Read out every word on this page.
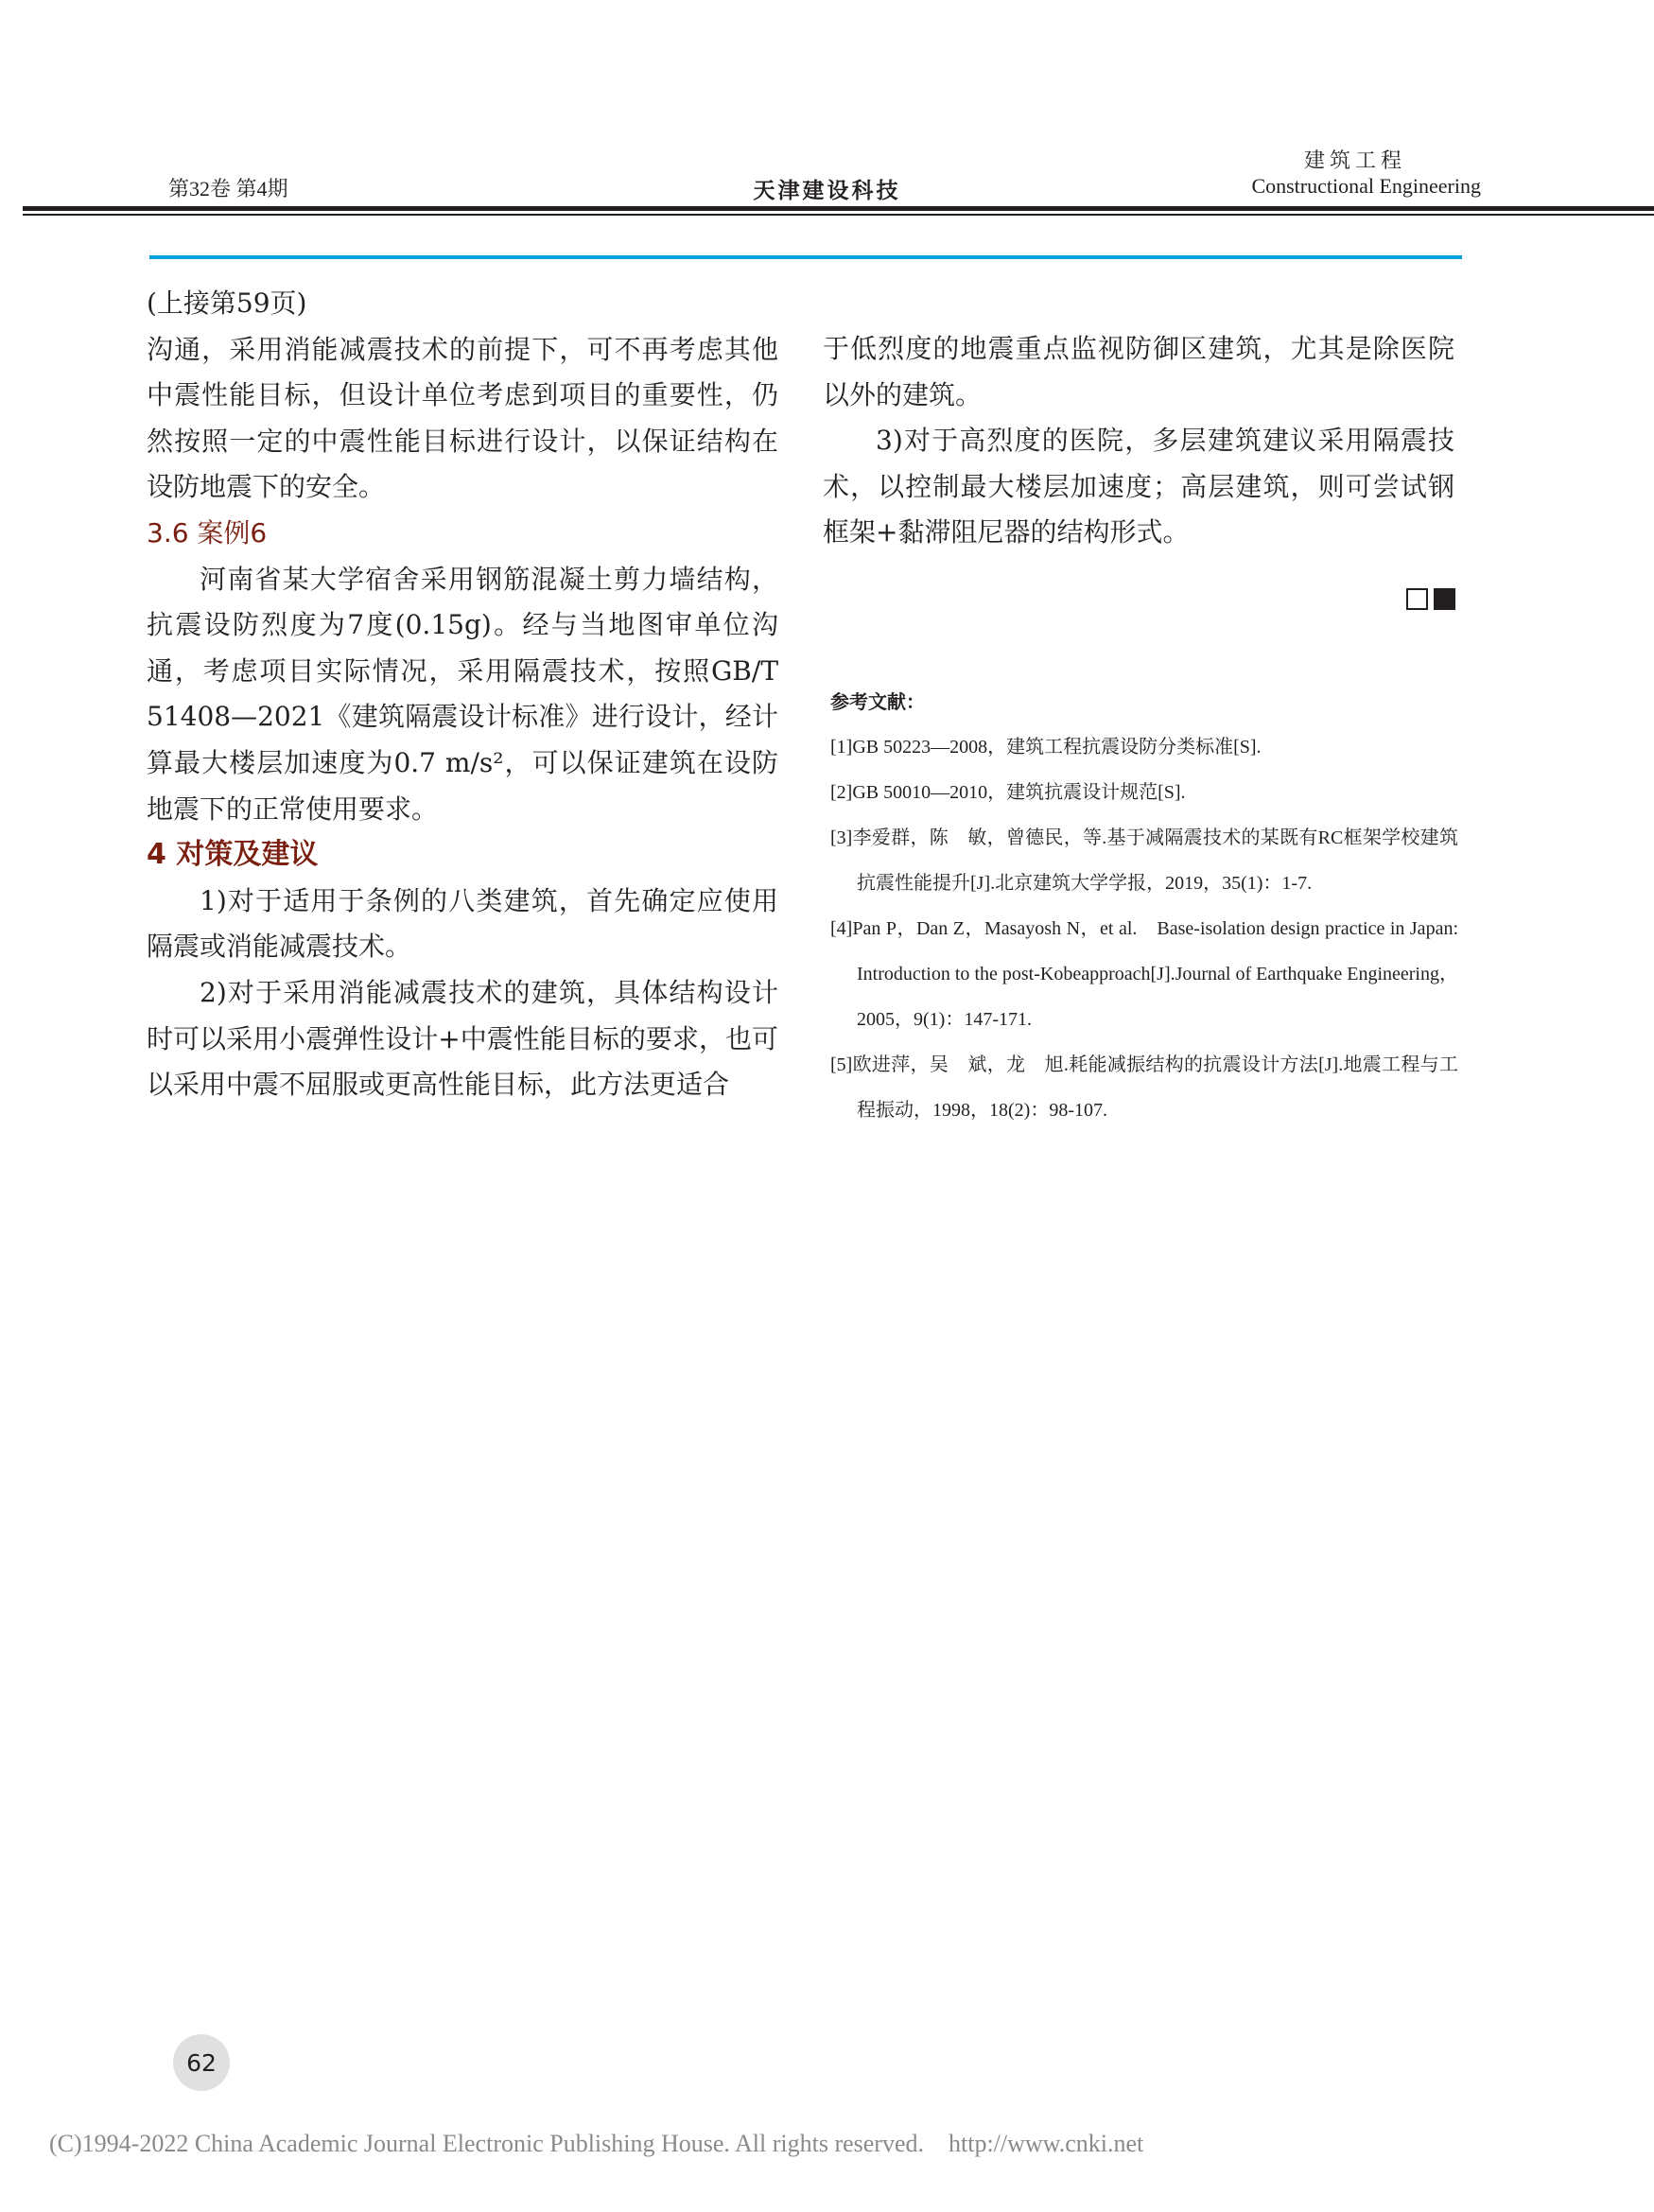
第32卷 第4期	天津建设科技
建筑工程
Constructional Engineering

(上接第59页)

沟通，采用消能减震技术的前提下，可不再考虑其他中震性能目标，但设计单位考虑到项目的重要性，仍然按照一定的中震性能目标进行设计，以保证结构在设防地震下的安全。

3.6 案例6

河南省某大学宿舍采用钢筋混凝土剪力墙结构，抗震设防烈度为7度(0.15g)。经与当地图审单位沟通，考虑项目实际情况，采用隔震技术，按照GB/T 51408—2021《建筑隔震设计标准》进行设计，经计算最大楼层加速度为0.7 m/s²，可以保证建筑在设防地震下的正常使用要求。

4 对策及建议

1)对于适用于条例的八类建筑，首先确定应使用隔震或消能减震技术。

2)对于采用消能减震技术的建筑，具体结构设计时可以采用小震弹性设计+中震性能目标的要求，也可以采用中震不屈服或更高性能目标，此方法更适合

于低烈度的地震重点监视防御区建筑，尤其是除医院以外的建筑。

3)对于高烈度的医院，多层建筑建议采用隔震技术，以控制最大楼层加速度；高层建筑，则可尝试钢框架+黏滞阻尼器的结构形式。

参考文献：

[1]GB 50223—2008，建筑工程抗震设防分类标准[S].

[2]GB 50010—2010，建筑抗震设计规范[S].

[3]李爱群，陈　敏，曾德民，等.基于减隔震技术的某既有RC框架学校建筑抗震性能提升[J].北京建筑大学学报，2019，35(1)：1-7.

[4]Pan P，Dan Z，Masayosh N，et al.　Base-isolation design practice in Japan: Introduction to the post-Kobeapproach[J].Journal of Earthquake Engineering，2005，9(1)：147-171.

[5]欧进萍，吴　斌，龙　旭.耗能减振结构的抗震设计方法[J].地震工程与工程振动，1998，18(2)：98-107.

62
(C)1994-2022 China Academic Journal Electronic Publishing House. All rights reserved.    http://www.cnki.net
